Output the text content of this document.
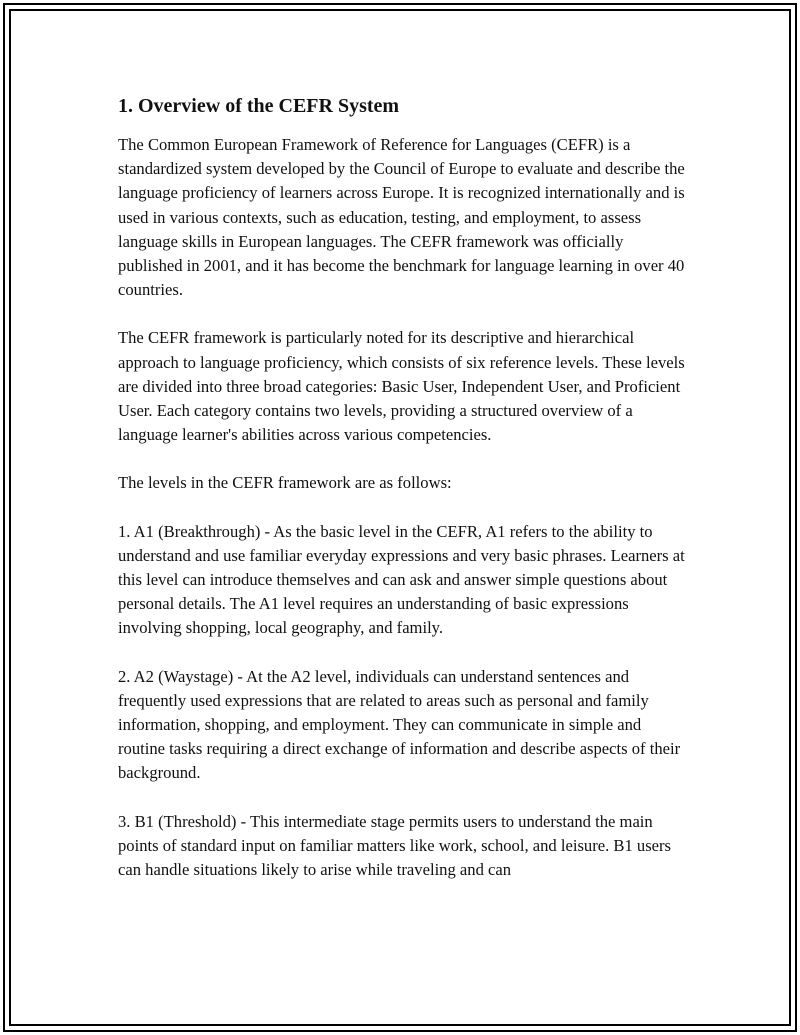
1. Overview of the CEFR System

The Common European Framework of Reference for Languages (CEFR) is a standardized system developed by the Council of Europe to evaluate and describe the language proficiency of learners across Europe. It is recognized internationally and is used in various contexts, such as education, testing, and employment, to assess language skills in European languages. The CEFR framework was officially published in 2001, and it has become the benchmark for language learning in over 40 countries.

The CEFR framework is particularly noted for its descriptive and hierarchical approach to language proficiency, which consists of six reference levels. These levels are divided into three broad categories: Basic User, Independent User, and Proficient User. Each category contains two levels, providing a structured overview of a language learner's abilities across various competencies.

The levels in the CEFR framework are as follows:

1. A1 (Breakthrough) - As the basic level in the CEFR, A1 refers to the ability to understand and use familiar everyday expressions and very basic phrases. Learners at this level can introduce themselves and can ask and answer simple questions about personal details. The A1 level requires an understanding of basic expressions involving shopping, local geography, and family.

2. A2 (Waystage) - At the A2 level, individuals can understand sentences and frequently used expressions that are related to areas such as personal and family information, shopping, and employment. They can communicate in simple and routine tasks requiring a direct exchange of information and describe aspects of their background.

3. B1 (Threshold) - This intermediate stage permits users to understand the main points of standard input on familiar matters like work, school, and leisure. B1 users can handle situations likely to arise while traveling and can
